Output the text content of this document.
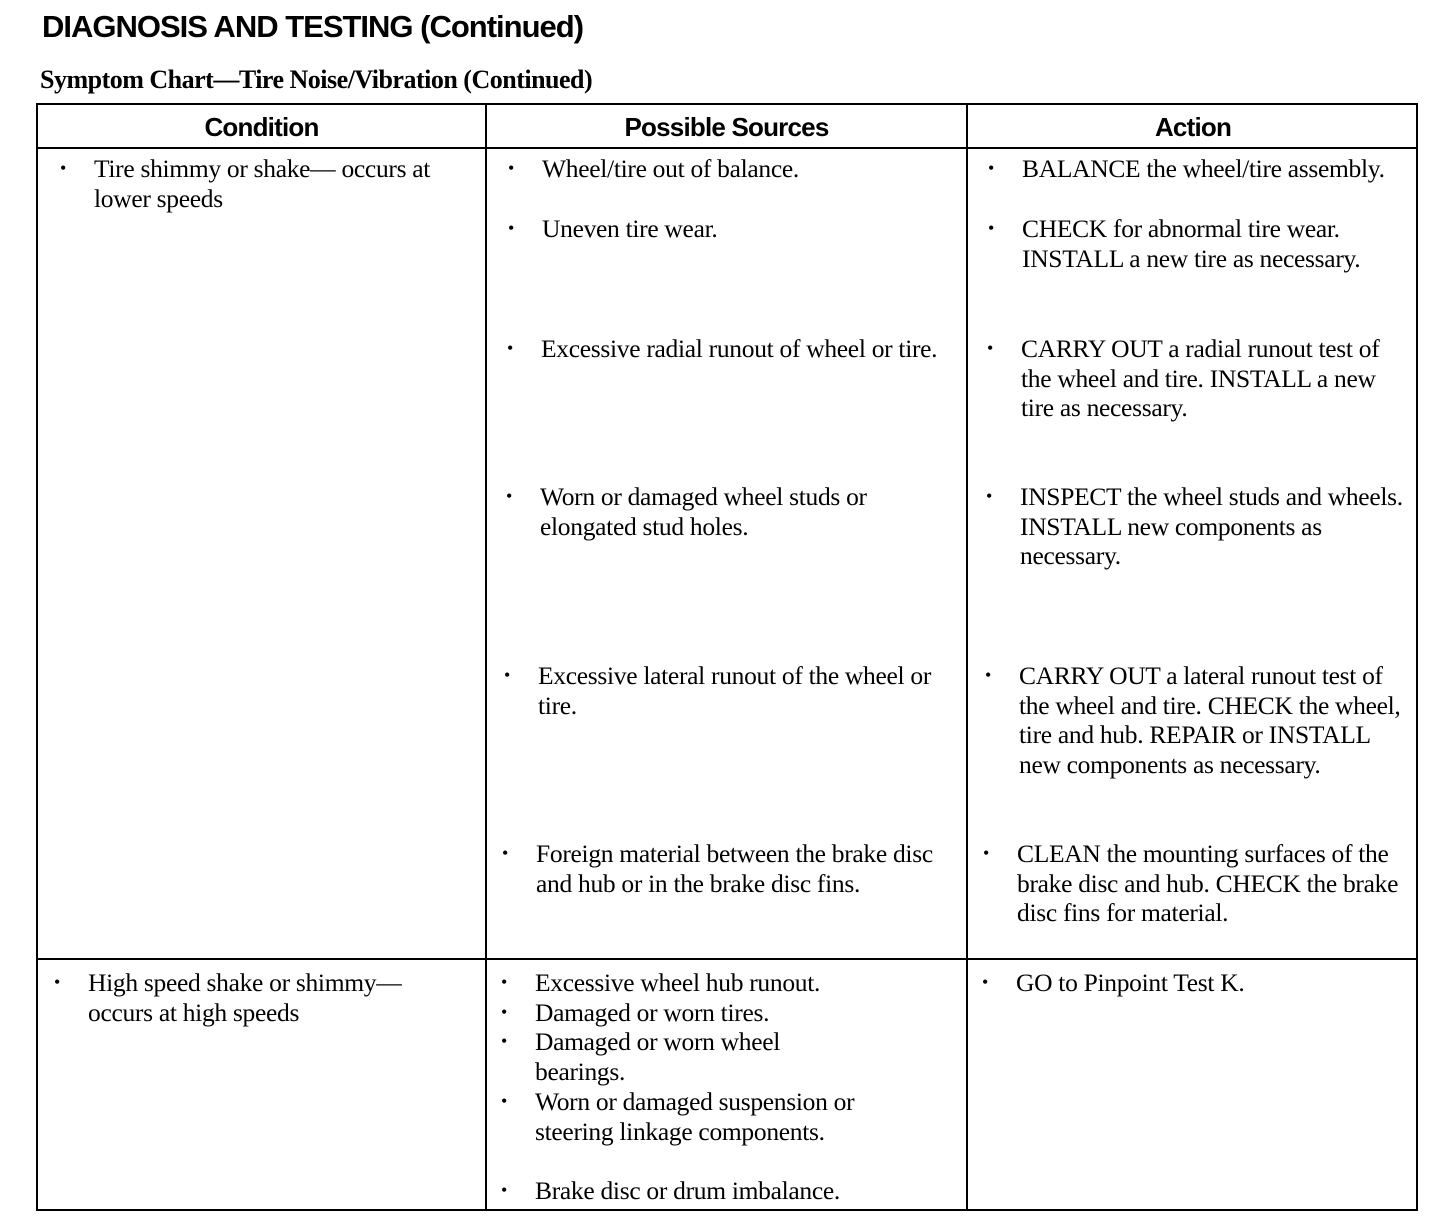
DIAGNOSIS AND TESTING (Continued)
Symptom Chart—Tire Noise/Vibration (Continued)
Condition	Possible Sources	Action
• Tire shimmy or shake— occurs at lower speeds
• Wheel/tire out of balance.
• Uneven tire wear.
• Excessive radial runout of wheel or tire.
• Worn or damaged wheel studs or elongated stud holes.
• Excessive lateral runout of the wheel or tire.
• Foreign material between the brake disc and hub or in the brake disc fins.
• BALANCE the wheel/tire assembly.
• CHECK for abnormal tire wear. INSTALL a new tire as necessary.
• CARRY OUT a radial runout test of the wheel and tire. INSTALL a new tire as necessary.
• INSPECT the wheel studs and wheels. INSTALL new components as necessary.
• CARRY OUT a lateral runout test of the wheel and tire. CHECK the wheel, tire and hub. REPAIR or INSTALL new components as necessary.
• CLEAN the mounting surfaces of the brake disc and hub. CHECK the brake disc fins for material.
• High speed shake or shimmy—occurs at high speeds
• Excessive wheel hub runout.
• Damaged or worn tires.
• Damaged or worn wheel bearings.
• Worn or damaged suspension or steering linkage components.
• Brake disc or drum imbalance.
• GO to Pinpoint Test K.
